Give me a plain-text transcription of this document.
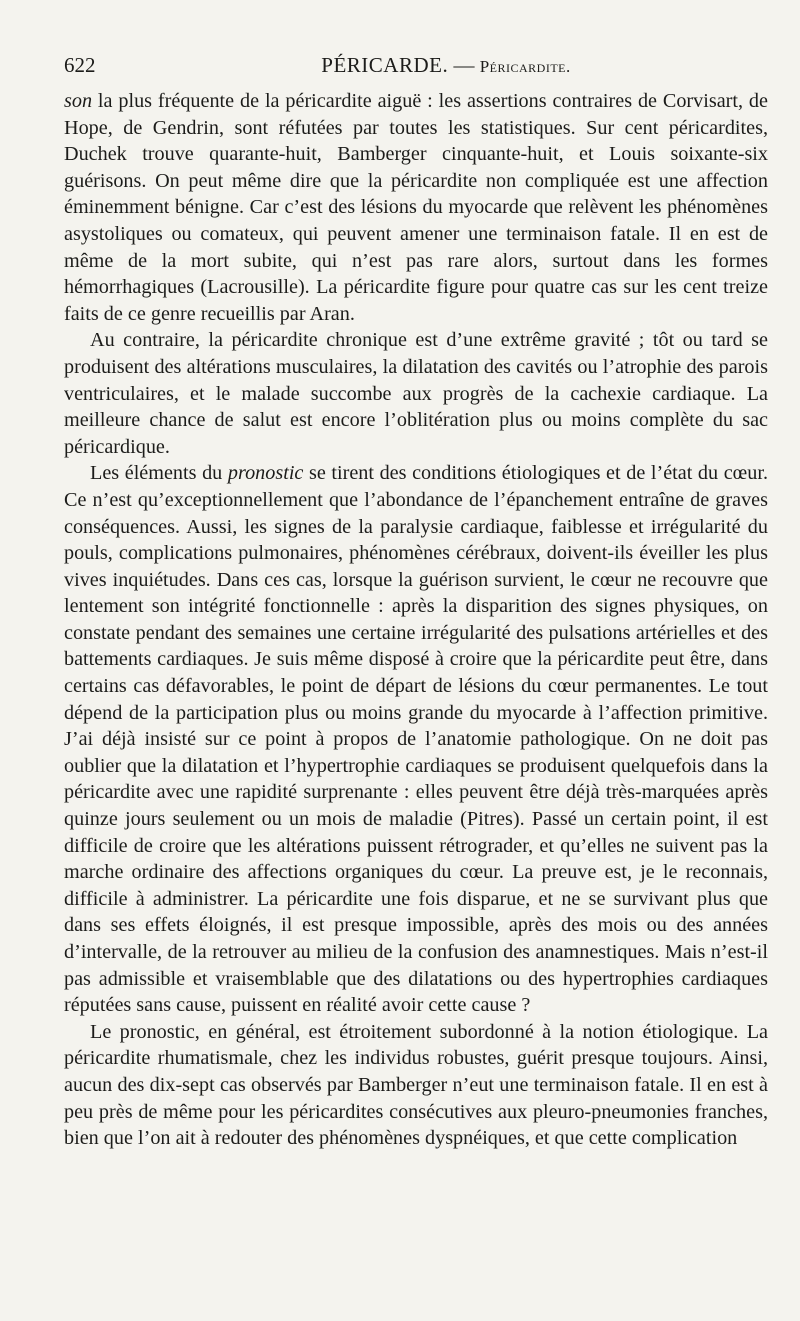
622	PÉRICARDE. — Péricardite.

son la plus fréquente de la péricardite aiguë : les assertions contraires de Corvisart, de Hope, de Gendrin, sont réfutées par toutes les statistiques. Sur cent péricardites, Duchek trouve quarante-huit, Bamberger cinquante-huit, et Louis soixante-six guérisons. On peut même dire que la péricardite non compliquée est une affection éminemment bénigne. Car c’est des lésions du myocarde que relèvent les phénomènes asystoliques ou comateux, qui peuvent amener une terminaison fatale. Il en est de même de la mort subite, qui n’est pas rare alors, surtout dans les formes hémorrhagiques (Lacrousille). La péricardite figure pour quatre cas sur les cent treize faits de ce genre recueillis par Aran.

Au contraire, la péricardite chronique est d’une extrême gravité ; tôt ou tard se produisent des altérations musculaires, la dilatation des cavités ou l’atrophie des parois ventriculaires, et le malade succombe aux progrès de la cachexie cardiaque. La meilleure chance de salut est encore l’oblitération plus ou moins complète du sac péricardique.

Les éléments du pronostic se tirent des conditions étiologiques et de l’état du cœur. Ce n’est qu’exceptionnellement que l’abondance de l’épanchement entraîne de graves conséquences. Aussi, les signes de la paralysie cardiaque, faiblesse et irrégularité du pouls, complications pulmonaires, phénomènes cérébraux, doivent-ils éveiller les plus vives inquiétudes. Dans ces cas, lorsque la guérison survient, le cœur ne recouvre que lentement son intégrité fonctionnelle : après la disparition des signes physiques, on constate pendant des semaines une certaine irrégularité des pulsations artérielles et des battements cardiaques. Je suis même disposé à croire que la péricardite peut être, dans certains cas défavorables, le point de départ de lésions du cœur permanentes. Le tout dépend de la participation plus ou moins grande du myocarde à l’affection primitive. J’ai déjà insisté sur ce point à propos de l’anatomie pathologique. On ne doit pas oublier que la dilatation et l’hypertrophie cardiaques se produisent quelquefois dans la péricardite avec une rapidité surprenante : elles peuvent être déjà très-marquées après quinze jours seulement ou un mois de maladie (Pitres). Passé un certain point, il est difficile de croire que les altérations puissent rétrograder, et qu’elles ne suivent pas la marche ordinaire des affections organiques du cœur. La preuve est, je le reconnais, difficile à administrer. La péricardite une fois disparue, et ne se survivant plus que dans ses effets éloignés, il est presque impossible, après des mois ou des années d’intervalle, de la retrouver au milieu de la confusion des anamnestiques. Mais n’est-il pas admissible et vraisemblable que des dilatations ou des hypertrophies cardiaques réputées sans cause, puissent en réalité avoir cette cause ?

Le pronostic, en général, est étroitement subordonné à la notion étiologique. La péricardite rhumatismale, chez les individus robustes, guérit presque toujours. Ainsi, aucun des dix-sept cas observés par Bamberger n’eut une terminaison fatale. Il en est à peu près de même pour les péricardites consécutives aux pleuro-pneumonies franches, bien que l’on ait à redouter des phénomènes dyspnéiques, et que cette complication
